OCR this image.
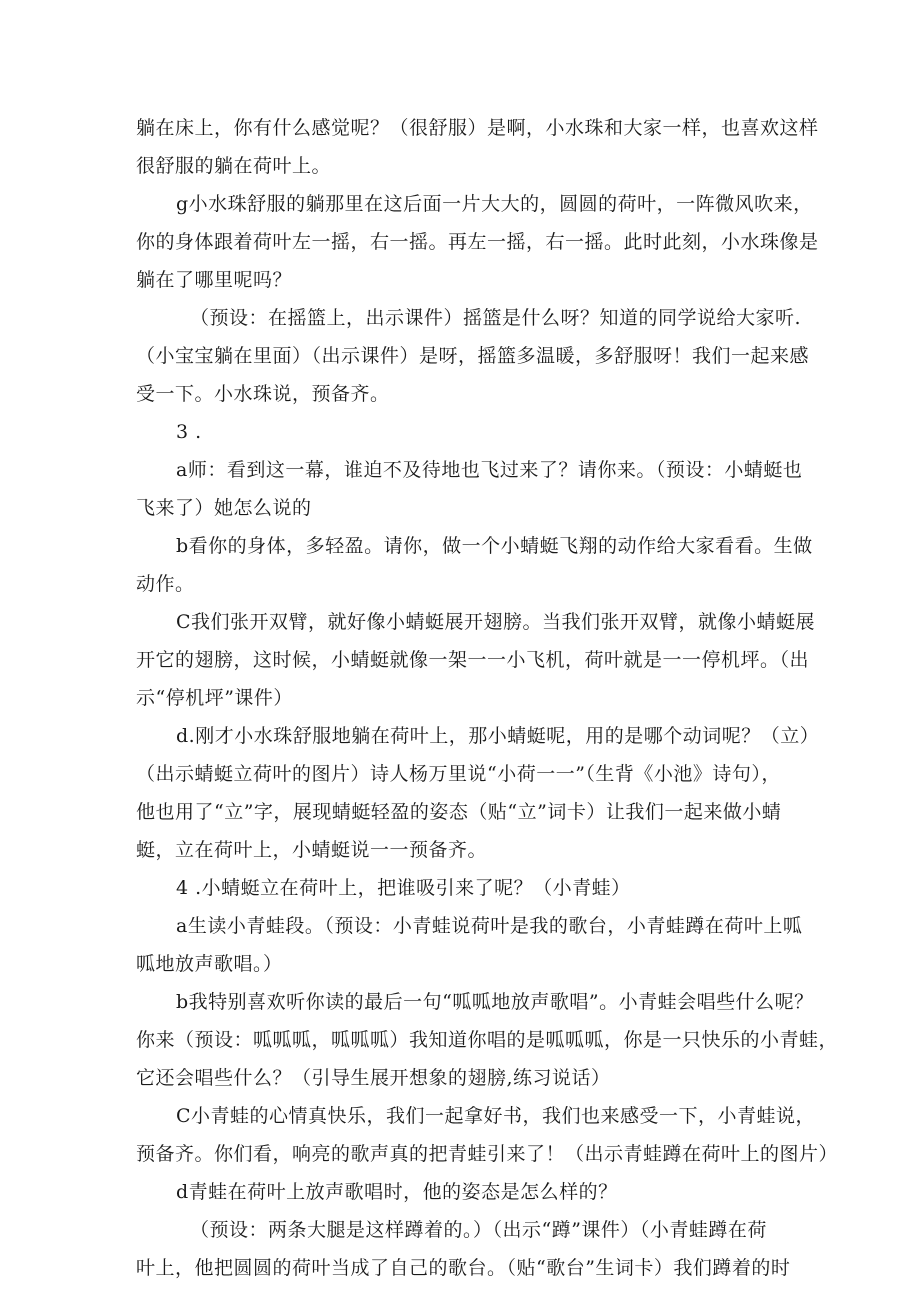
躺在床上，你有什么感觉呢？（很舒服）是啊，小水珠和大家一样，也喜欢这样
很舒服的躺在荷叶上。
g小水珠舒服的躺那里在这后面一片大大的，圆圆的荷叶，一阵微风吹来，
你的身体跟着荷叶左一摇，右一摇。再左一摇，右一摇。此时此刻，小水珠像是
躺在了哪里呢吗？
（预设：在摇篮上，出示课件）摇篮是什么呀？知道的同学说给大家听.
（小宝宝躺在里面）（出示课件）是呀，摇篮多温暖，多舒服呀！我们一起来感
受一下。小水珠说，预备齐。
3 .
a师：看到这一幕，谁迫不及待地也飞过来了？请你来。（预设：小蜻蜓也
飞来了）她怎么说的
b看你的身体，多轻盈。请你，做一个小蜻蜓飞翔的动作给大家看看。生做
动作。
C我们张开双臂，就好像小蜻蜓展开翅膀。当我们张开双臂，就像小蜻蜓展
开它的翅膀，这时候，小蜻蜓就像一架一一小飞机，荷叶就是一一停机坪。（出
示“停机坪”课件）
d.刚才小水珠舒服地躺在荷叶上，那小蜻蜓呢，用的是哪个动词呢？（立）
（出示蜻蜓立荷叶的图片）诗人杨万里说“小荷一一”（生背《小池》诗句），
他也用了“立”字，展现蜻蜓轻盈的姿态（贴“立”词卡）让我们一起来做小蜻
蜓，立在荷叶上，小蜻蜓说一一预备齐。
4 .小蜻蜓立在荷叶上，把谁吸引来了呢？（小青蛙）
a生读小青蛙段。（预设：小青蛙说荷叶是我的歌台，小青蛙蹲在荷叶上呱
呱地放声歌唱。）
b我特别喜欢听你读的最后一句“呱呱地放声歌唱”。小青蛙会唱些什么呢？
你来（预设：呱呱呱，呱呱呱）我知道你唱的是呱呱呱，你是一只快乐的小青蛙，
它还会唱些什么？（引导生展开想象的翅膀,练习说话）
C小青蛙的心情真快乐，我们一起拿好书，我们也来感受一下，小青蛙说，
预备齐。你们看，响亮的歌声真的把青蛙引来了！（出示青蛙蹲在荷叶上的图片）
d青蛙在荷叶上放声歌唱时，他的姿态是怎么样的？
（预设：两条大腿是这样蹲着的。）（出示“蹲”课件）（小青蛙蹲在荷
叶上，他把圆圆的荷叶当成了自己的歌台。（贴“歌台”生词卡）我们蹲着的时
